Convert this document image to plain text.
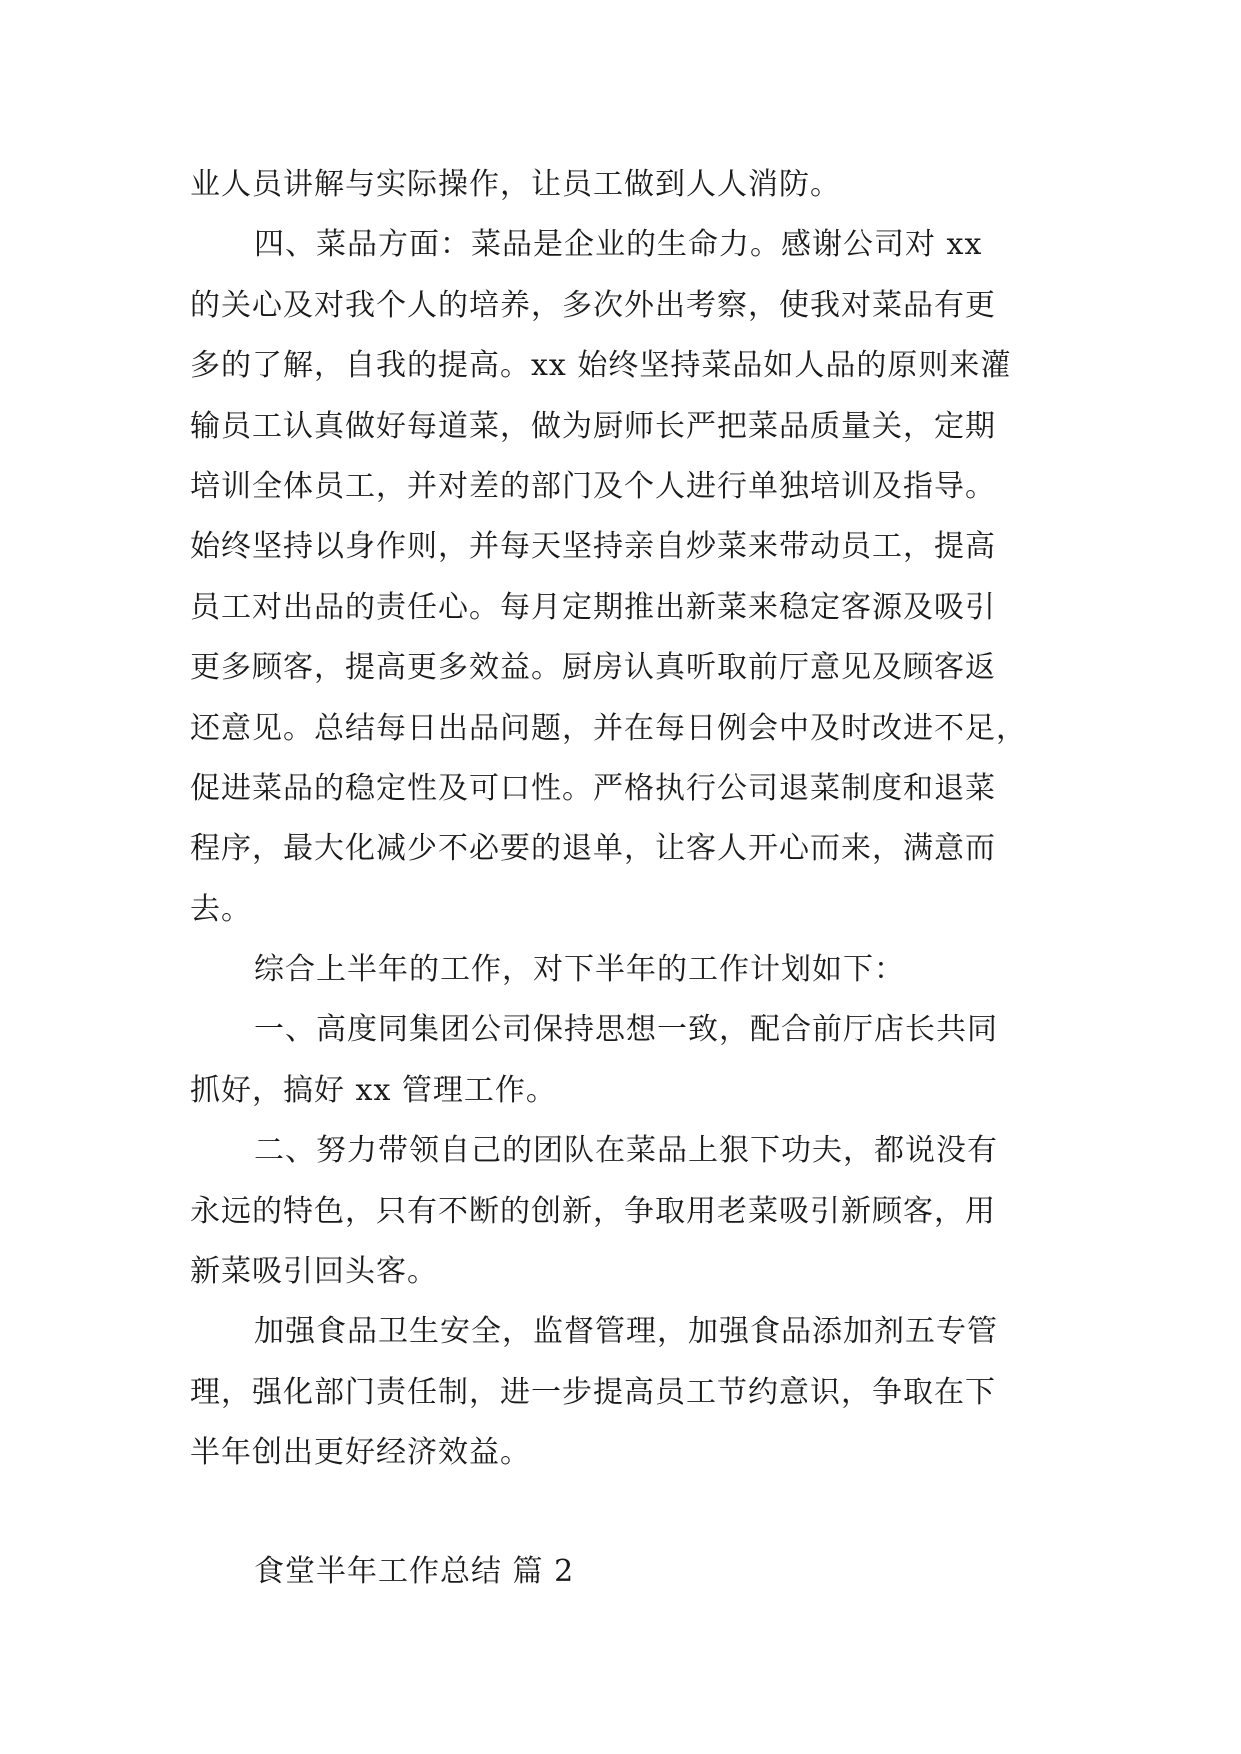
业人员讲解与实际操作，让员工做到人人消防。

四、菜品方面：菜品是企业的生命力。感谢公司对 xx

的关心及对我个人的培养，多次外出考察，使我对菜品有更

多的了解，自我的提高。xx 始终坚持菜品如人品的原则来灌

输员工认真做好每道菜，做为厨师长严把菜品质量关，定期

培训全体员工，并对差的部门及个人进行单独培训及指导。

始终坚持以身作则，并每天坚持亲自炒菜来带动员工，提高

员工对出品的责任心。每月定期推出新菜来稳定客源及吸引

更多顾客，提高更多效益。厨房认真听取前厅意见及顾客返

还意见。总结每日出品问题，并在每日例会中及时改进不足，

促进菜品的稳定性及可口性。严格执行公司退菜制度和退菜

程序，最大化减少不必要的退单，让客人开心而来，满意而

去。

综合上半年的工作，对下半年的工作计划如下：

一、高度同集团公司保持思想一致，配合前厅店长共同

抓好，搞好 xx 管理工作。

二、努力带领自己的团队在菜品上狠下功夫，都说没有

永远的特色，只有不断的创新，争取用老菜吸引新顾客，用

新菜吸引回头客。

加强食品卫生安全，监督管理，加强食品添加剂五专管

理，强化部门责任制，进一步提高员工节约意识，争取在下

半年创出更好经济效益。

食堂半年工作总结 篇 2
